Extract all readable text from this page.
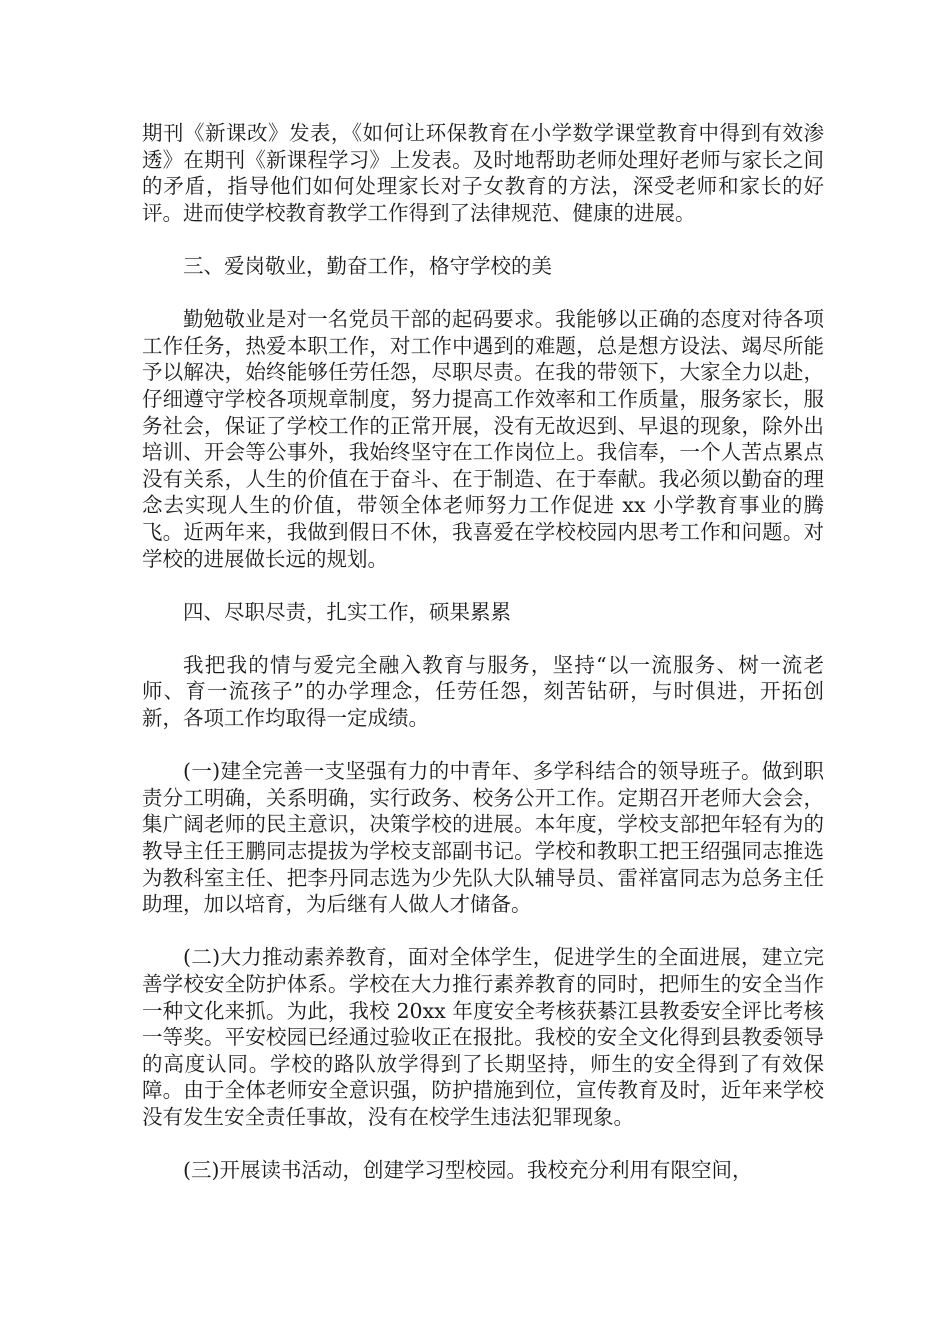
期刊《新课改》发表，《如何让环保教育在小学数学课堂教育中得到有效渗透》在期刊《新课程学习》上发表。及时地帮助老师处理好老师与家长之间的矛盾，指导他们如何处理家长对子女教育的方法，深受老师和家长的好评。进而使学校教育教学工作得到了法律规范、健康的进展。

三、爱岗敬业，勤奋工作，格守学校的美

勤勉敬业是对一名党员干部的起码要求。我能够以正确的态度对待各项工作任务，热爱本职工作，对工作中遇到的难题，总是想方设法、竭尽所能予以解决，始终能够任劳任怨，尽职尽责。在我的带领下，大家全力以赴，仔细遵守学校各项规章制度，努力提高工作效率和工作质量，服务家长，服务社会，保证了学校工作的正常开展，没有无故迟到、早退的现象，除外出培训、开会等公事外，我始终坚守在工作岗位上。我信奉，一个人苦点累点没有关系，人生的价值在于奋斗、在于制造、在于奉献。我必须以勤奋的理念去实现人生的价值，带领全体老师努力工作促进 xx 小学教育事业的腾飞。近两年来，我做到假日不休，我喜爱在学校校园内思考工作和问题。对学校的进展做长远的规划。

四、尽职尽责，扎实工作，硕果累累

我把我的情与爱完全融入教育与服务，坚持“以一流服务、树一流老师、育一流孩子”的办学理念，任劳任怨，刻苦钻研，与时俱进，开拓创新，各项工作均取得一定成绩。

(一)建全完善一支坚强有力的中青年、多学科结合的领导班子。做到职责分工明确，关系明确，实行政务、校务公开工作。定期召开老师大会会，集广阔老师的民主意识，决策学校的进展。本年度，学校支部把年轻有为的教导主任王鹏同志提拔为学校支部副书记。学校和教职工把王绍强同志推选为教科室主任、把李丹同志选为少先队大队辅导员、雷祥富同志为总务主任助理，加以培育，为后继有人做人才储备。

(二)大力推动素养教育，面对全体学生，促进学生的全面进展，建立完善学校安全防护体系。学校在大力推行素养教育的同时，把师生的安全当作一种文化来抓。为此，我校 20xx 年度安全考核获綦江县教委安全评比考核一等奖。平安校园已经通过验收正在报批。我校的安全文化得到县教委领导的高度认同。学校的路队放学得到了长期坚持，师生的安全得到了有效保障。由于全体老师安全意识强，防护措施到位，宣传教育及时，近年来学校没有发生安全责任事故，没有在校学生违法犯罪现象。

(三)开展读书活动，创建学习型校园。我校充分利用有限空间，
